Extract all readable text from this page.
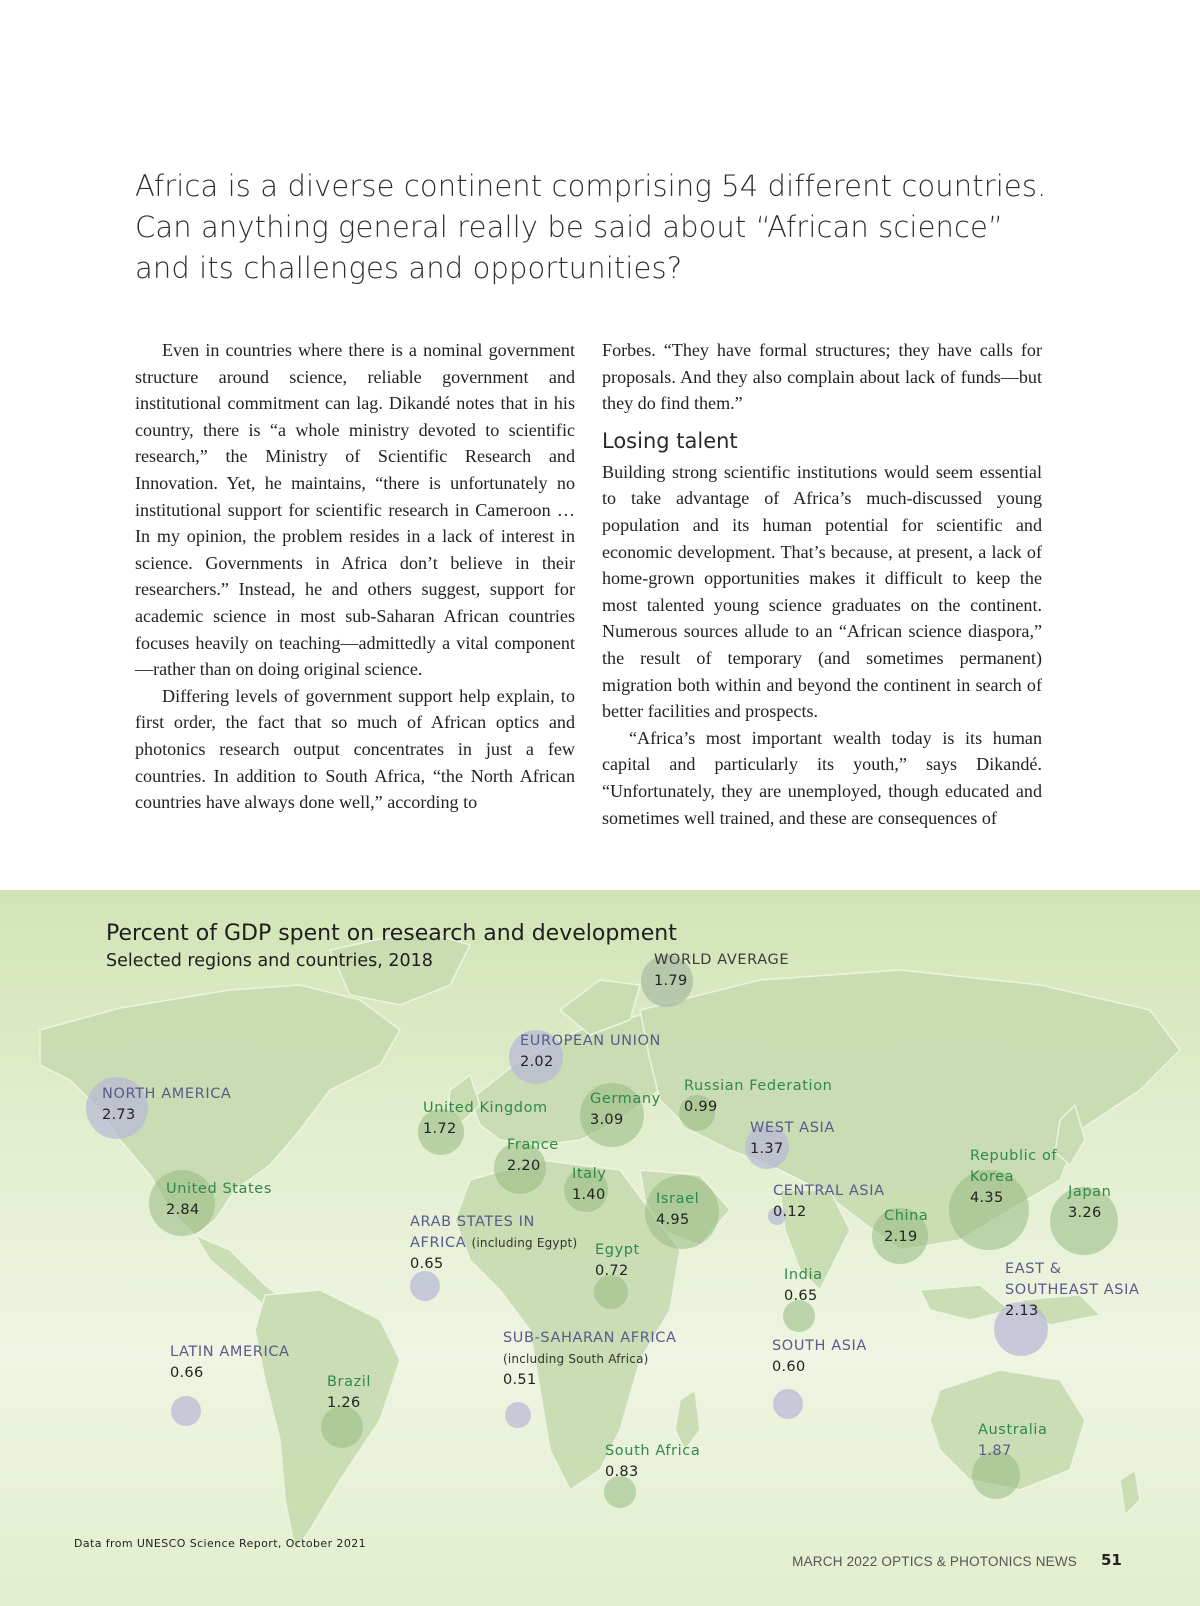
Africa is a diverse continent comprising 54 different countries. Can anything general really be said about “African science” and its challenges and opportunities?

Even in countries where there is a nominal government structure around science, reliable government and institutional commitment can lag. Dikandé notes that in his country, there is “a whole ministry devoted to scientific research,” the Ministry of Scientific Research and Innovation. Yet, he maintains, “there is unfortunately no institutional support for scientific research in Cameroon … In my opinion, the problem resides in a lack of interest in science. Governments in Africa don’t believe in their researchers.” Instead, he and others suggest, support for academic science in most sub-Saharan African countries focuses heavily on teaching—admittedly a vital component—rather than on doing original science.

Differing levels of government support help explain, to first order, the fact that so much of African optics and photonics research output concentrates in just a few countries. In addition to South Africa, “the North African countries have always done well,” according to

Forbes. “They have formal structures; they have calls for proposals. And they also complain about lack of funds—but they do find them.”

Losing talent

Building strong scientific institutions would seem essential to take advantage of Africa’s much-discussed young population and its human potential for scientific and economic development. That’s because, at present, a lack of home-grown opportunities makes it difficult to keep the most talented young science graduates on the continent. Numerous sources allude to an “African science diaspora,” the result of temporary (and sometimes permanent) migration both within and beyond the continent in search of better facilities and prospects.

“Africa’s most important wealth today is its human capital and particularly its youth,” says Dikandé. “Unfortunately, they are unemployed, though educated and sometimes well trained, and these are consequences of

Percent of GDP spent on research and development
Selected regions and countries, 2018	WORLD AVERAGE
1.79
EUROPEAN UNION
2.02
NORTH AMERICA
2.73	United Kingdom
1.72
Germany
3.09
Russian Federation
0.99
France
2.20
WEST ASIA
1.37
Italy
1.40
United States
2.84
Israel
4.95
CENTRAL ASIA
0.12
Republic of Korea
4.35	Japan
3.26
China
2.19
ARAB STATES IN AFRICA (including Egypt)
0.65
Egypt
0.72	India
0.65
EAST & SOUTHEAST ASIA
2.13
SUB-SAHARAN AFRICA
(including South Africa)
0.51
SOUTH ASIA
0.60
LATIN AMERICA
0.66
Brazil
1.26
Australia
1.87
South Africa
0.83
Data from UNESCO Science Report, October 2021
MARCH 2022 OPTICS & PHOTONICS NEWS 51
